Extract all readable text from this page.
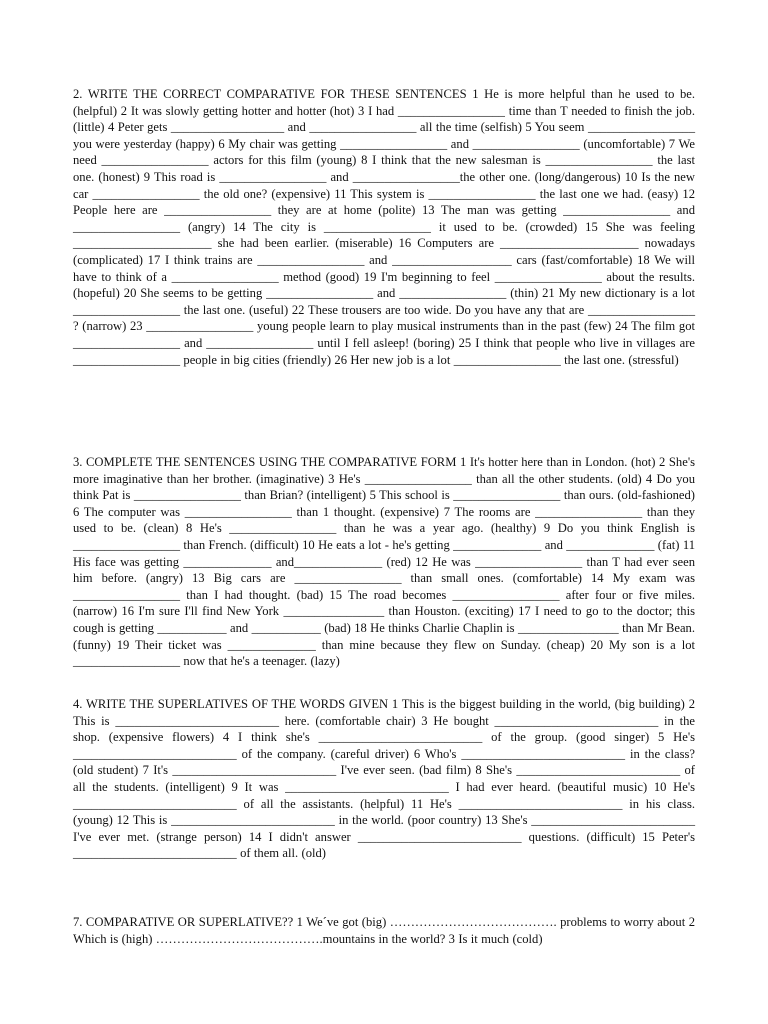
2. WRITE THE CORRECT COMPARATIVE FOR THESE SENTENCES 1 He is more helpful than he used to be. (helpful) 2 It was slowly getting hotter and hotter (hot) 3 I had _________________ time than T needed to finish the job.(little) 4 Peter gets __________________ and _________________ all the time (selfish) 5 You seem _________________ you were yesterday (happy) 6 My chair was getting _________________ and _________________ (uncomfortable) 7 We need _________________ actors for this film (young) 8 I think that the new salesman is _________________ the last one. (honest) 9 This road is _________________ and _________________the other one. (long/dangerous) 10 Is the new car _________________ the old one? (expensive) 11 This system is _________________ the last one we had. (easy) 12 People here are _________________ they are at home (polite) 13 The man was getting _________________ and _________________ (angry) 14 The city is _________________ it used to be. (crowded) 15 She was feeling ______________________ she had been earlier. (miserable) 16 Computers are ______________________ nowadays (complicated) 17 I think trains are _________________ and ___________________ cars (fast/comfortable) 18 We will have to think of a _________________ method (good) 19 I'm beginning to feel _________________ about the results. (hopeful) 20 She seems to be getting _________________ and _________________ (thin) 21 My new dictionary is a lot _________________ the last one. (useful) 22 These trousers are too wide. Do you have any that are _________________ ? (narrow) 23 _________________ young people learn to play musical instruments than in the past (few) 24 The film got _________________ and _________________ until I fell asleep! (boring) 25 I think that people who live in villages are _________________ people in big cities (friendly) 26 Her new job is a lot _________________ the last one. (stressful)

3. COMPLETE THE SENTENCES USING THE COMPARATIVE FORM 1 It's hotter here than in London. (hot) 2 She's more imaginative than her brother. (imaginative) 3 He's _________________ than all the other students. (old) 4 Do you think Pat is _________________ than Brian? (intelligent) 5 This school is _________________ than ours. (old-fashioned) 6 The computer was _________________ than 1 thought. (expensive) 7 The rooms are _________________ than they used to be. (clean) 8 He's _________________ than he was a year ago. (healthy) 9 Do you think English is _________________ than French. (difficult) 10 He eats a lot - he's getting ______________ and ______________ (fat) 11 His face was getting ______________ and______________ (red) 12 He was _________________ than T had ever seen him before. (angry) 13 Big cars are _________________ than small ones. (comfortable) 14 My exam was _________________ than I had thought. (bad) 15 The road becomes _________________ after four or five miles. (narrow) 16 I'm sure I'll find New York ________________ than Houston. (exciting) 17 I need to go to the doctor; this cough is getting ___________ and ___________ (bad) 18 He thinks Charlie Chaplin is ________________ than Mr Bean. (funny) 19 Their ticket was ______________ than mine because they flew on Sunday. (cheap) 20 My son is a lot _________________ now that he's a teenager. (lazy)

4. WRITE THE SUPERLATIVES OF THE WORDS GIVEN 1 This is the biggest building in the world, (big building) 2 This is __________________________ here. (comfortable chair) 3 He bought __________________________ in the shop. (expensive flowers) 4 I think she's __________________________ of the group. (good singer) 5 He's __________________________ of the company. (careful driver) 6 Who's __________________________ in the class? (old student) 7 It's __________________________ I've ever seen. (bad film) 8 She's __________________________ of all the students. (intelligent) 9 It was __________________________ I had ever heard. (beautiful music) 10 He's __________________________ of all the assistants. (helpful) 11 He's __________________________ in his class. (young) 12 This is __________________________ in the world. (poor country) 13 She's __________________________ I've ever met. (strange person) 14 I didn't answer __________________________ questions. (difficult) 15 Peter's __________________________ of them all. (old)

7. COMPARATIVE OR SUPERLATIVE?? 1 We´ve got (big) …………………………………. problems to worry about 2 Which is (high) ………………………………….mountains in the world? 3 Is it much (cold)
